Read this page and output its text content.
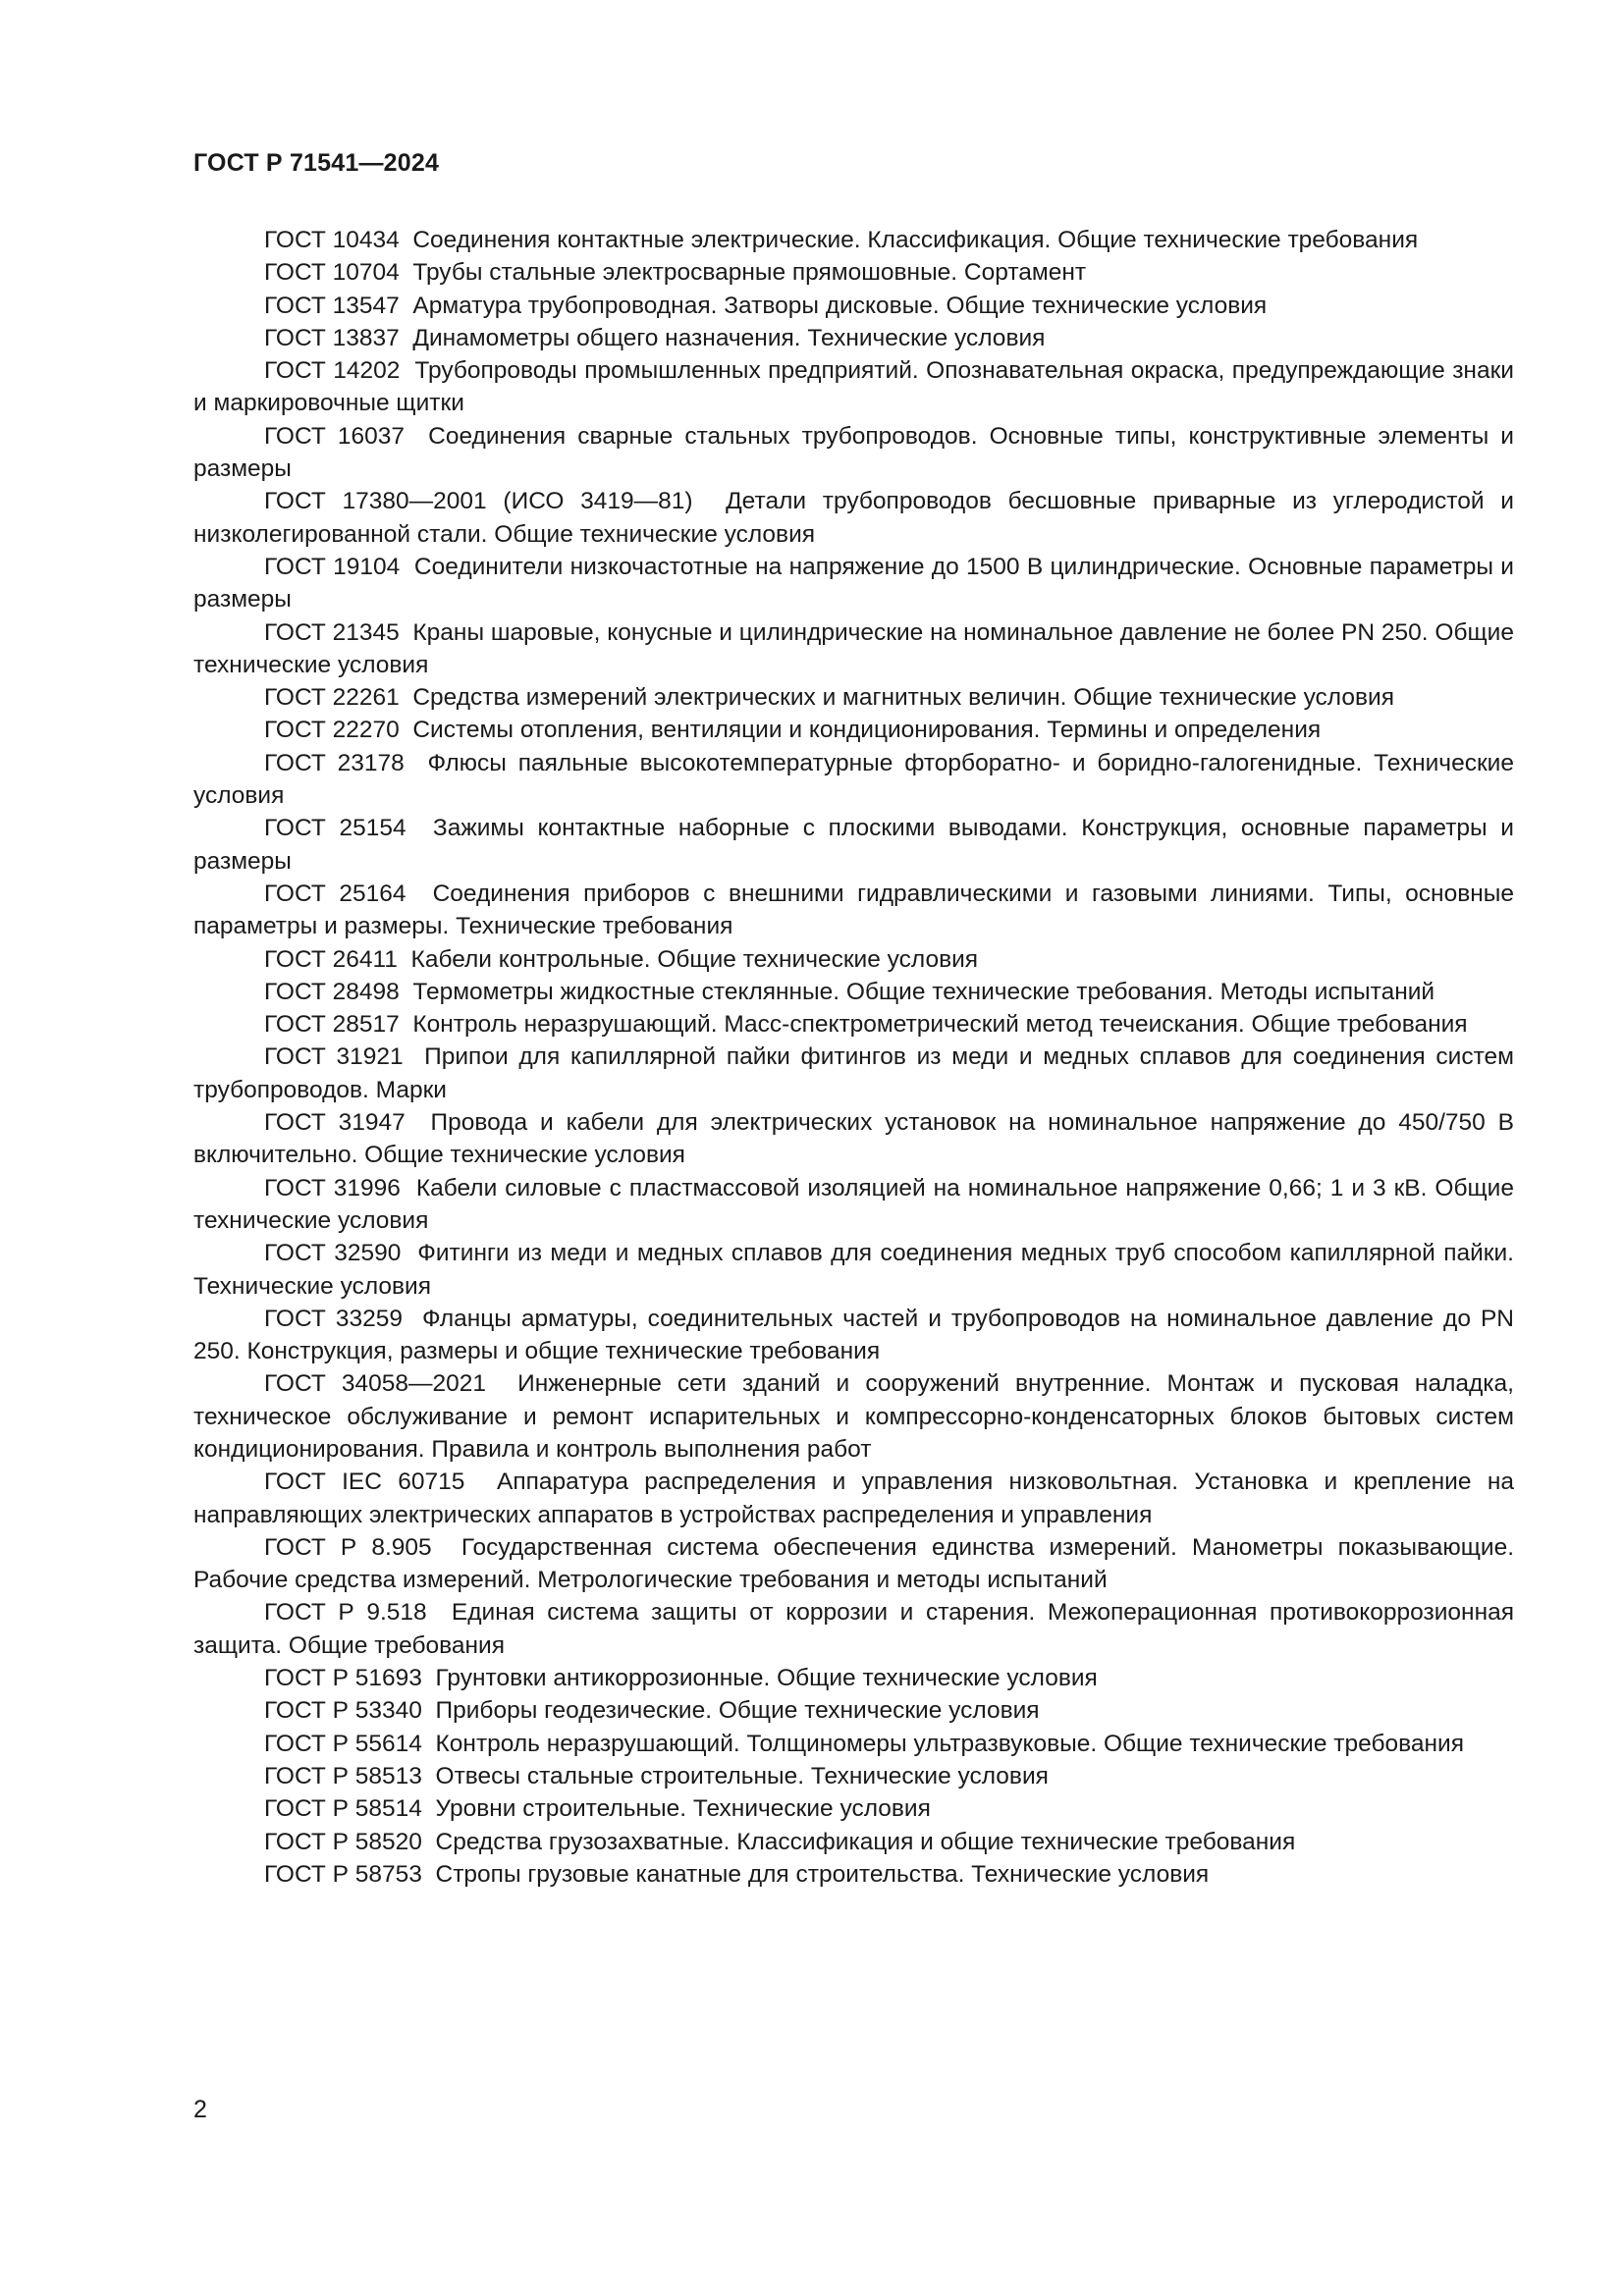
ГОСТ Р 71541—2024

ГОСТ 10434 Соединения контактные электрические. Классификация. Общие технические требования

ГОСТ 10704 Трубы стальные электросварные прямошовные. Сортамент

ГОСТ 13547 Арматура трубопроводная. Затворы дисковые. Общие технические условия

ГОСТ 13837 Динамометры общего назначения. Технические условия

ГОСТ 14202 Трубопроводы промышленных предприятий. Опознавательная окраска, предупреждающие знаки и маркировочные щитки

ГОСТ 16037 Соединения сварные стальных трубопроводов. Основные типы, конструктивные элементы и размеры

ГОСТ 17380—2001 (ИСО 3419—81) Детали трубопроводов бесшовные приварные из углеродистой и низколегированной стали. Общие технические условия

ГОСТ 19104 Соединители низкочастотные на напряжение до 1500 В цилиндрические. Основные параметры и размеры

ГОСТ 21345 Краны шаровые, конусные и цилиндрические на номинальное давление не более PN 250. Общие технические условия

ГОСТ 22261 Средства измерений электрических и магнитных величин. Общие технические условия

ГОСТ 22270 Системы отопления, вентиляции и кондиционирования. Термины и определения

ГОСТ 23178 Флюсы паяльные высокотемпературные фторборатно- и боридно-галогенидные. Технические условия

ГОСТ 25154 Зажимы контактные наборные с плоскими выводами. Конструкция, основные параметры и размеры

ГОСТ 25164 Соединения приборов с внешними гидравлическими и газовыми линиями. Типы, основные параметры и размеры. Технические требования

ГОСТ 26411 Кабели контрольные. Общие технические условия

ГОСТ 28498 Термометры жидкостные стеклянные. Общие технические требования. Методы испытаний

ГОСТ 28517 Контроль неразрушающий. Масс-спектрометрический метод течеискания. Общие требования

ГОСТ 31921 Припои для капиллярной пайки фитингов из меди и медных сплавов для соединения систем трубопроводов. Марки

ГОСТ 31947 Провода и кабели для электрических установок на номинальное напряжение до 450/750 В включительно. Общие технические условия

ГОСТ 31996 Кабели силовые с пластмассовой изоляцией на номинальное напряжение 0,66; 1 и 3 кВ. Общие технические условия

ГОСТ 32590 Фитинги из меди и медных сплавов для соединения медных труб способом капиллярной пайки. Технические условия

ГОСТ 33259 Фланцы арматуры, соединительных частей и трубопроводов на номинальное давление до PN 250. Конструкция, размеры и общие технические требования

ГОСТ 34058—2021 Инженерные сети зданий и сооружений внутренние. Монтаж и пусковая наладка, техническое обслуживание и ремонт испарительных и компрессорно-конденсаторных блоков бытовых систем кондиционирования. Правила и контроль выполнения работ

ГОСТ IEC 60715 Аппаратура распределения и управления низковольтная. Установка и крепление на направляющих электрических аппаратов в устройствах распределения и управления

ГОСТ Р 8.905 Государственная система обеспечения единства измерений. Манометры показывающие. Рабочие средства измерений. Метрологические требования и методы испытаний

ГОСТ Р 9.518 Единая система защиты от коррозии и старения. Межоперационная противокоррозионная защита. Общие требования

ГОСТ Р 51693 Грунтовки антикоррозионные. Общие технические условия

ГОСТ Р 53340 Приборы геодезические. Общие технические условия

ГОСТ Р 55614 Контроль неразрушающий. Толщиномеры ультразвуковые. Общие технические требования

ГОСТ Р 58513 Отвесы стальные строительные. Технические условия

ГОСТ Р 58514 Уровни строительные. Технические условия

ГОСТ Р 58520 Средства грузозахватные. Классификация и общие технические требования

ГОСТ Р 58753 Стропы грузовые канатные для строительства. Технические условия

2
